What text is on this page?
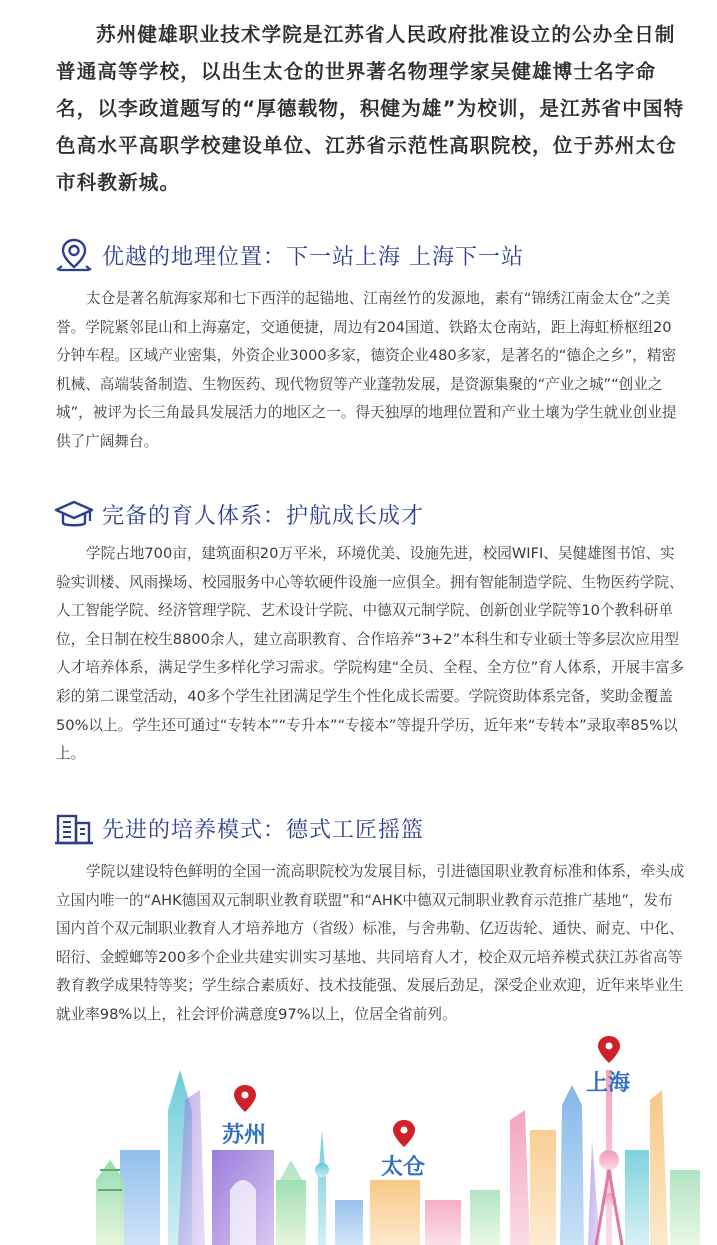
苏州健雄职业技术学院是江苏省人民政府批准设立的公办全日制普通高等学校，以出生太仓的世界著名物理学家吴健雄博士名字命名，以李政道题写的“厚德载物，积健为雄”为校训，是江苏省中国特色高水平高职学校建设单位、江苏省示范性高职院校，位于苏州太仓市科教新城。

优越的地理位置：下一站上海 上海下一站

太仓是著名航海家郑和七下西洋的起锚地、江南丝竹的发源地，素有“锦绣江南金太仓”之美誉。学院紧邻昆山和上海嘉定，交通便捷，周边有204国道、铁路太仓南站，距上海虹桥枢纽20分钟车程。区域产业密集，外资企业3000多家，德资企业480多家，是著名的“德企之乡”，精密机械、高端装备制造、生物医药、现代物贸等产业蓬勃发展，是资源集聚的“产业之城”“创业之城”，被评为长三角最具发展活力的地区之一。得天独厚的地理位置和产业土壤为学生就业创业提供了广阔舞台。

完备的育人体系：护航成长成才

学院占地700亩，建筑面积20万平米，环境优美、设施先进，校园WIFI、吴健雄图书馆、实验实训楼、风雨操场、校园服务中心等软硬件设施一应俱全。拥有智能制造学院、生物医药学院、人工智能学院、经济管理学院、艺术设计学院、中德双元制学院、创新创业学院等10个教科研单位，全日制在校生8800余人，建立高职教育、合作培养“3+2”本科生和专业硕士等多层次应用型人才培养体系，满足学生多样化学习需求。学院构建“全员、全程、全方位”育人体系，开展丰富多彩的第二课堂活动，40多个学生社团满足学生个性化成长需要。学院资助体系完备，奖助金覆盖50%以上。学生还可通过“专转本”“专升本”“专接本”等提升学历，近年来“专转本”录取率85%以上。

先进的培养模式：德式工匠摇篮

学院以建设特色鲜明的全国一流高职院校为发展目标，引进德国职业教育标准和体系，牵头成立国内唯一的“AHK德国双元制职业教育联盟”和“AHK中德双元制职业教育示范推广基地”，发布国内首个双元制职业教育人才培养地方（省级）标准，与舍弗勒、亿迈齿轮、通快、耐克、中化、昭衍、金螳螂等200多个企业共建实训实习基地、共同培育人才，校企双元培养模式获江苏省高等教育教学成果特等奖；学生综合素质好、技术技能强、发展后劲足，深受企业欢迎，近年来毕业生就业率98%以上，社会评价满意度97%以上，位居全省前列。

苏州
太仓
上海
